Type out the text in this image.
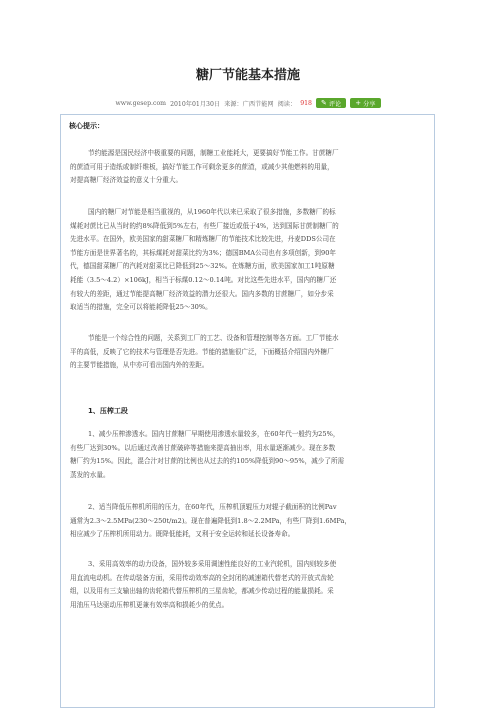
糖厂节能基本措施
www.gesep.com 2010年01月30日 来源：广西节能网 阅读： 918 ✎ 评论 + 分享
核心提示：

节约能源是国民经济中极重要的问题，制糖工业能耗大，更要搞好节能工作。甘蔗糖厂
的蔗渣可用于造纸或制纤维板，搞好节能工作可剩余更多的蔗渣，或减少其他燃料的用量，
对提高糖厂经济效益的意义十分重大。

国内的糖厂对节能是相当重视的，从1960年代以来已采取了很多措施，多数糖厂的标
煤耗对蔗比已从当时的约8%降低到5%左右，有些厂接近或低于4%，达到国际甘蔗制糖厂的
先进水平。在国外，欧美国家的甜菜糖厂和精炼糖厂的节能技术比较先进，丹麦DDS公司在
节能方面是世界著名的，其标煤耗对甜菜比约为3%；德国BMA公司也有多项创新，到90年
代，德国甜菜糖厂的汽耗对甜菜比已降低到25～32%。在炼糖方面，欧美国家加工1吨原糖
耗能（3.5～4.2）×106kJ，相当于标煤0.12～0.14吨。对比这些先进水平，国内的糖厂还
有较大的差距，通过节能提高糖厂经济效益的潜力还很大。国内多数的甘蔗糖厂，如分步采
取适当的措施，完全可以将能耗降低25～30%。

节能是一个综合性的问题，关系到工厂的工艺、设备和管理控制等各方面。工厂节能水
平的高低，反映了它的技术与管理是否先进。节能的措施很广泛，下面概括介绍国内外糖厂
的主要节能措施，从中亦可看出国内外的差距。

1、压榨工段

1、减少压榨渗透水。国内甘蔗糖厂早期使用渗透水量较多，在60年代一般约为25%，
有些厂达到30%。以后通过改善甘蔗破碎等措施来提高抽出率，用水量逐渐减少。现在多数
糖厂约为15%。因此，混合汁对甘蔗的比例也从过去的约105%降低到90～95%，减少了所需
蒸发的水量。

2、适当降低压榨机所用的压力，在60年代，压榨机顶辊压力对辊子截面积的比例Pav
通常为2.3～2.5MPa(230～250t/m2)。现在普遍降低到1.8～2.2MPa，有些厂降到1.6MPa，
相应减少了压榨机所用动力。既降低能耗，又利于安全运转和延长设备寿命。

3、采用高效率的动力设备，国外较多采用调速性能良好的工业汽轮机，国内则较多使
用直流电动机。在传动装备方面，采用传动效率高的全封闭的减速箱代替老式的开放式齿轮
组，以及用有三支输出轴的齿轮箱代替压榨机的三星齿轮，都减少传动过程的能量损耗。采
用油压马达驱动压榨机更兼有效率高和损耗少的优点。
